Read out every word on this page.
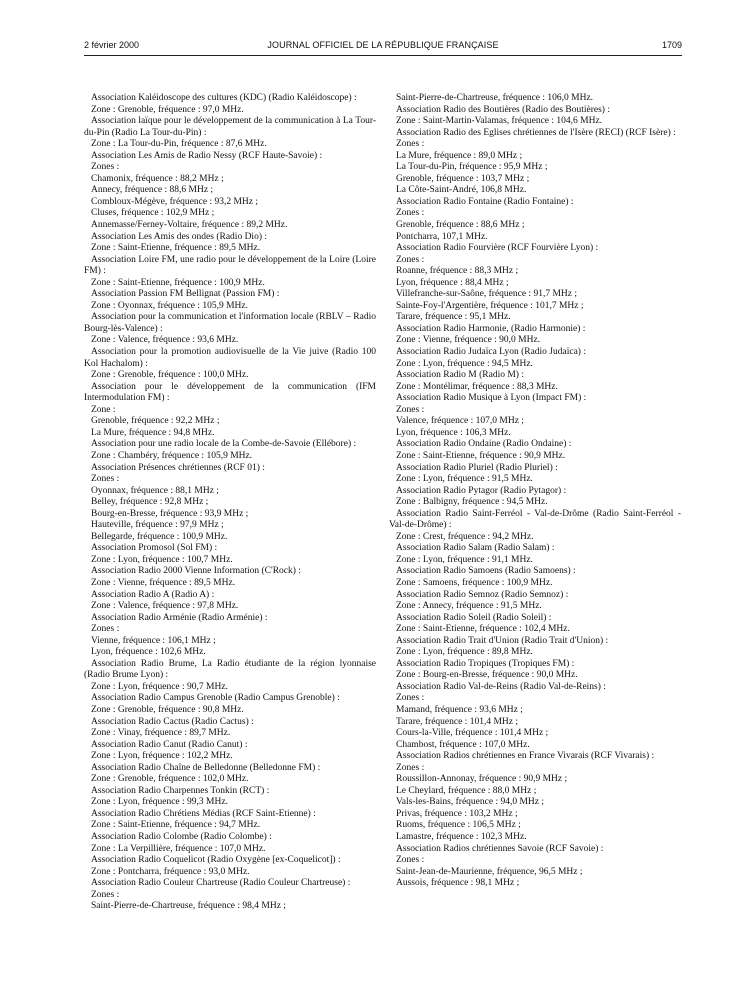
2 février 2000	JOURNAL OFFICIEL DE LA RÉPUBLIQUE FRANÇAISE	1709

Association Kaléidoscope des cultures (KDC) (Radio Kaléidoscope) :

Zone : Grenoble, fréquence : 97,0 MHz.

Association laïque pour le développement de la communication à La Tour-du-Pin (Radio La Tour-du-Pin) :

Zone : La Tour-du-Pin, fréquence : 87,6 MHz.

Association Les Amis de Radio Nessy (RCF Haute-Savoie) :

Zones :

Chamonix, fréquence : 88,2 MHz ;

Annecy, fréquence : 88,6 MHz ;

Combloux-Mégève, fréquence : 93,2 MHz ;

Cluses, fréquence : 102,9 MHz ;

Annemasse/Ferney-Voltaire, fréquence : 89,2 MHz.

Association Les Amis des ondes (Radio Dio) :

Zone : Saint-Etienne, fréquence : 89,5 MHz.

Association Loire FM, une radio pour le développement de la Loire (Loire FM) :

Zone : Saint-Etienne, fréquence : 100,9 MHz.

Association Passion FM Bellignat (Passion FM) :

Zone : Oyonnax, fréquence : 105,9 MHz.

Association pour la communication et l'information locale (RBLV – Radio Bourg-lès-Valence) :

Zone : Valence, fréquence : 93,6 MHz.

Association pour la promotion audiovisuelle de la Vie juive (Radio 100 Kol Hachalom) :

Zone : Grenoble, fréquence : 100,0 MHz.

Association pour le développement de la communication (IFM Intermodulation FM) :

Zone :

Grenoble, fréquence : 92,2 MHz ;

La Mure, fréquence : 94,8 MHz.

Association pour une radio locale de la Combe-de-Savoie (Ellébore) :

Zone : Chambéry, fréquence : 105,9 MHz.

Association Présences chrétiennes (RCF 01) :

Zones :

Oyonnax, fréquence : 88,1 MHz ;

Belley, fréquence : 92,8 MHz ;

Bourg-en-Bresse, fréquence : 93,9 MHz ;

Hauteville, fréquence : 97,9 MHz ;

Bellegarde, fréquence : 100,9 MHz.

Association Promosol (Sol FM) :

Zone : Lyon, fréquence : 100,7 MHz.

Association Radio 2000 Vienne Information (C'Rock) :

Zone : Vienne, fréquence : 89,5 MHz.

Association Radio A (Radio A) :

Zone : Valence, fréquence : 97,8 MHz.

Association Radio Arménie (Radio Arménie) :

Zones :

Vienne, fréquence : 106,1 MHz ;

Lyon, fréquence : 102,6 MHz.

Association Radio Brume, La Radio étudiante de la région lyonnaise (Radio Brume Lyon) :

Zone : Lyon, fréquence : 90,7 MHz.

Association Radio Campus Grenoble (Radio Campus Grenoble) :

Zone : Grenoble, fréquence : 90,8 MHz.

Association Radio Cactus (Radio Cactus) :

Zone : Vinay, fréquence : 89,7 MHz.

Association Radio Canut (Radio Canut) :

Zone : Lyon, fréquence : 102,2 MHz.

Association Radio Chaîne de Belledonne (Belledonne FM) :

Zone : Grenoble, fréquence : 102,0 MHz.

Association Radio Charpennes Tonkin (RCT) :

Zone : Lyon, fréquence : 99,3 MHz.

Association Radio Chrétiens Médias (RCF Saint-Etienne) :

Zone : Saint-Etienne, fréquence : 94,7 MHz.

Association Radio Colombe (Radio Colombe) :

Zone : La Verpillière, fréquence : 107,0 MHz.

Association Radio Coquelicot (Radio Oxygène [ex-Coquelicot]) :

Zone : Pontcharra, fréquence : 93,0 MHz.

Association Radio Couleur Chartreuse (Radio Couleur Chartreuse) :

Zones :

Saint-Pierre-de-Chartreuse, fréquence : 98,4 MHz ;

Saint-Pierre-de-Chartreuse, fréquence : 106,0 MHz.

Association Radio des Boutières (Radio des Boutières) :

Zone : Saint-Martin-Valamas, fréquence : 104,6 MHz.

Association Radio des Eglises chrétiennes de l'Isère (RECI) (RCF Isère) :

Zones :

La Mure, fréquence : 89,0 MHz ;

La Tour-du-Pin, fréquence : 95,9 MHz ;

Grenoble, fréquence : 103,7 MHz ;

La Côte-Saint-André, 106,8 MHz.

Association Radio Fontaine (Radio Fontaine) :

Zones :

Grenoble, fréquence : 88,6 MHz ;

Pontcharra, 107,1 MHz.

Association Radio Fourvière (RCF Fourvière Lyon) :

Zones :

Roanne, fréquence : 88,3 MHz ;

Lyon, fréquence : 88,4 MHz ;

Villefranche-sur-Saône, fréquence : 91,7 MHz ;

Sainte-Foy-l'Argentière, fréquence : 101,7 MHz ;

Tarare, fréquence : 95,1 MHz.

Association Radio Harmonie, (Radio Harmonie) :

Zone : Vienne, fréquence : 90,0 MHz.

Association Radio Judaïca Lyon (Radio Judaïca) :

Zone : Lyon, fréquence : 94,5 MHz.

Association Radio M (Radio M) :

Zone : Montélimar, fréquence : 88,3 MHz.

Association Radio Musique à Lyon (Impact FM) :

Zones :

Valence, fréquence : 107,0 MHz ;

Lyon, fréquence : 106,3 MHz.

Association Radio Ondaine (Radio Ondaine) :

Zone : Saint-Etienne, fréquence : 90,9 MHz.

Association Radio Pluriel (Radio Pluriel) :

Zone : Lyon, fréquence : 91,5 MHz.

Association Radio Pytagor (Radio Pytagor) :

Zone : Balbigny, fréquence : 94,5 MHz.

Association Radio Saint-Ferréol - Val-de-Drôme (Radio Saint-Ferréol - Val-de-Drôme) :

Zone : Crest, fréquence : 94,2 MHz.

Association Radio Salam (Radio Salam) :

Zone : Lyon, fréquence : 91,1 MHz.

Association Radio Samoens (Radio Samoens) :

Zone : Samoens, fréquence : 100,9 MHz.

Association Radio Semnoz (Radio Semnoz) :

Zone : Annecy, fréquence : 91,5 MHz.

Association Radio Soleil (Radio Soleil) :

Zone : Saint-Etienne, fréquence : 102,4 MHz.

Association Radio Trait d'Union (Radio Trait d'Union) :

Zone : Lyon, fréquence : 89,8 MHz.

Association Radio Tropiques (Tropiques FM) :

Zone : Bourg-en-Bresse, fréquence : 90,0 MHz.

Association Radio Val-de-Reins (Radio Val-de-Reins) :

Zones :

Mamand, fréquence : 93,6 MHz ;

Tarare, fréquence : 101,4 MHz ;

Cours-la-Ville, fréquence : 101,4 MHz ;

Chambost, fréquence : 107,0 MHz.

Association Radios chrétiennes en France Vivarais (RCF Vivarais) :

Zones :

Roussillon-Annonay, fréquence : 90,9 MHz ;

Le Cheylard, fréquence : 88,0 MHz ;

Vals-les-Bains, fréquence : 94,0 MHz ;

Privas, fréquence : 103,2 MHz ;

Ruoms, fréquence : 106,5 MHz ;

Lamastre, fréquence : 102,3 MHz.

Association Radios chrétiennes Savoie (RCF Savoie) :

Zones :

Saint-Jean-de-Maurienne, fréquence, 96,5 MHz ;

Aussois, fréquence : 98,1 MHz ;
